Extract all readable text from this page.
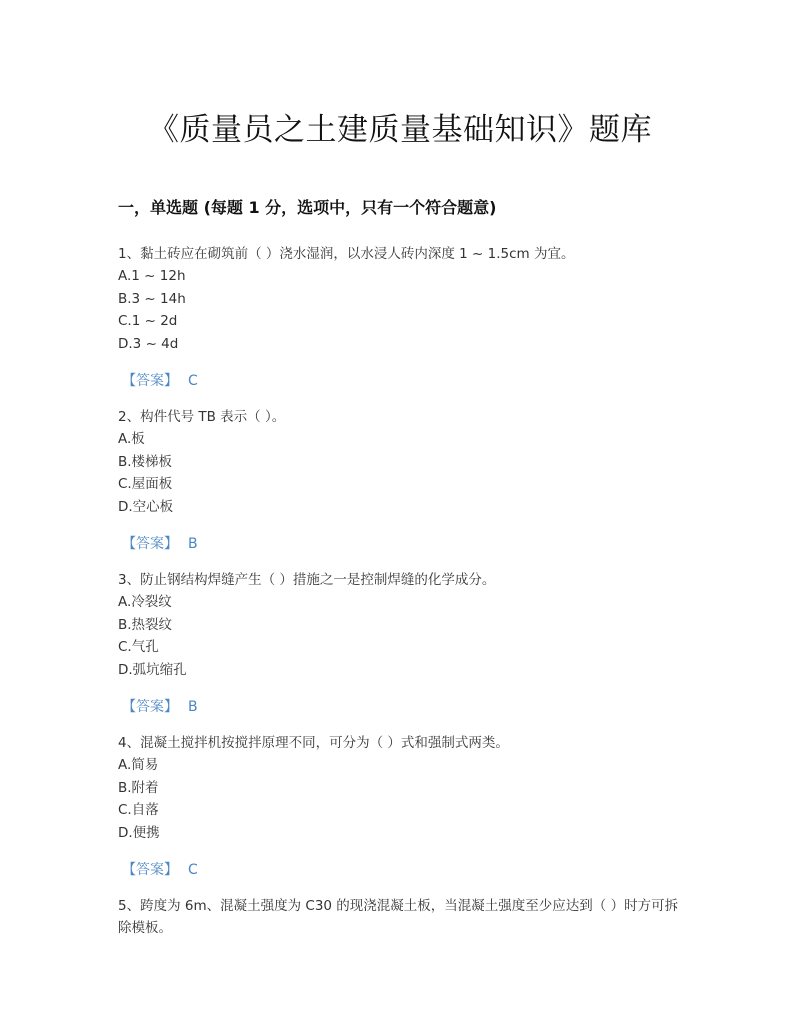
《质量员之土建质量基础知识》题库
一，单选题 (每题 1 分，选项中，只有一个符合题意)
1、黏土砖应在砌筑前（ ）浇水湿润，以水浸人砖内深度 1 ~ 1.5cm 为宜。
A.1 ~ 12h
B.3 ~ 14h
C.1 ~ 2d
D.3 ~ 4d
【答案】 C
2、构件代号 TB 表示（ ）。
A.板
B.楼梯板
C.屋面板
D.空心板
【答案】 B
3、防止钢结构焊缝产生（ ）措施之一是控制焊缝的化学成分。
A.冷裂纹
B.热裂纹
C.气孔
D.弧坑缩孔
【答案】 B
4、混凝土搅拌机按搅拌原理不同，可分为（ ）式和强制式两类。
A.简易
B.附着
C.自落
D.便携
【答案】 C
5、跨度为 6m、混凝土强度为 C30 的现浇混凝土板，当混凝土强度至少应达到（ ）时方可拆除模板。
